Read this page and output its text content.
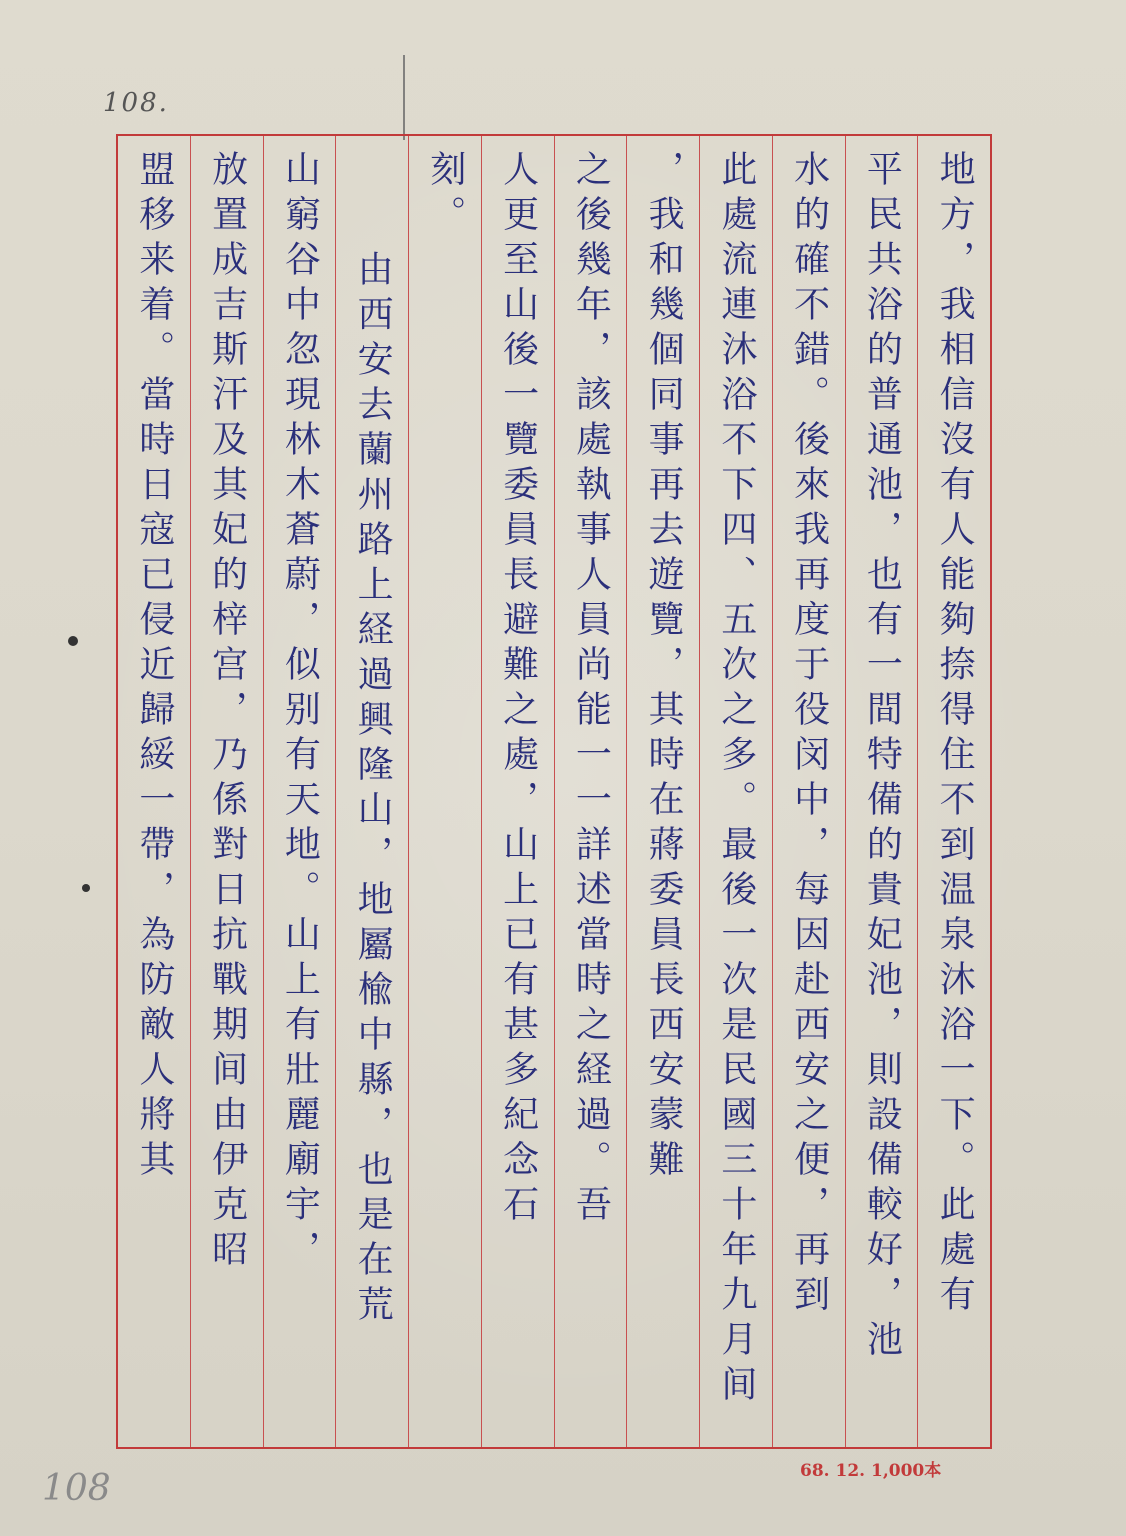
108.
108
地方，我相信沒有人能夠捺得住不到温泉沐浴一下。此處有
平民共浴的普通池，也有一間特備的貴妃池，則設備較好，池
水的確不錯。後來我再度于役闵中，每因赴西安之便，再到
此處流連沐浴不下四、五次之多。最後一次是民國三十年九月间
，我和幾個同事再去遊覽，其時在蔣委員長西安蒙難
之後幾年，該處執事人員尚能一一詳述當時之経過。吾
人更至山後一覽委員長避難之處，山上已有甚多紀念石
刻。
由西安去蘭州路上経過興隆山，地屬楡中縣，也是在荒
山窮谷中忽現林木蒼蔚，似别有天地。山上有壯麗廟宇，
放置成吉斯汗及其妃的梓宫，乃係對日抗戰期间由伊克昭
盟移来着。當時日寇已侵近歸綏一帶，為防敵人將其
68. 12. 1,000本
